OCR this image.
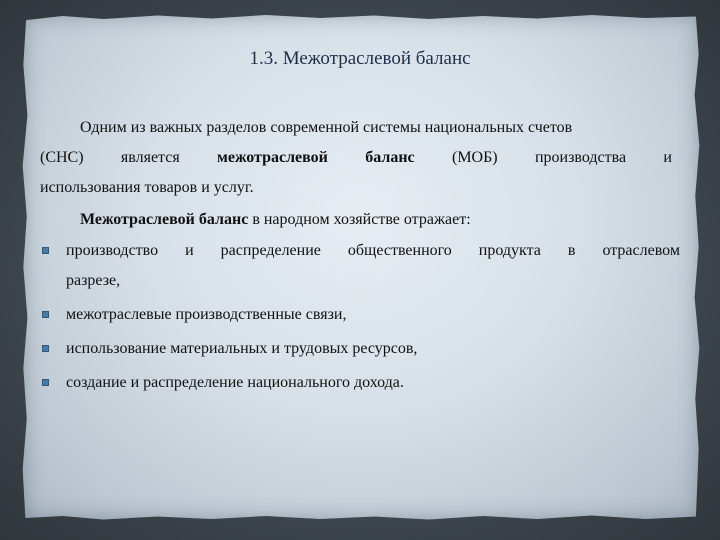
1.3. Межотраслевой баланс
Одним из важных разделов современной системы национальных счетов
(СНС) является межотраслевой баланс (МОБ) производства и
использования товаров и услуг.
Межотраслевой баланс в народном хозяйстве отражает:
производство и распределение общественного продукта в отраслевом
разрезе,
межотраслевые производственные связи,
использование материальных и трудовых ресурсов,
создание и распределение национального дохода.
